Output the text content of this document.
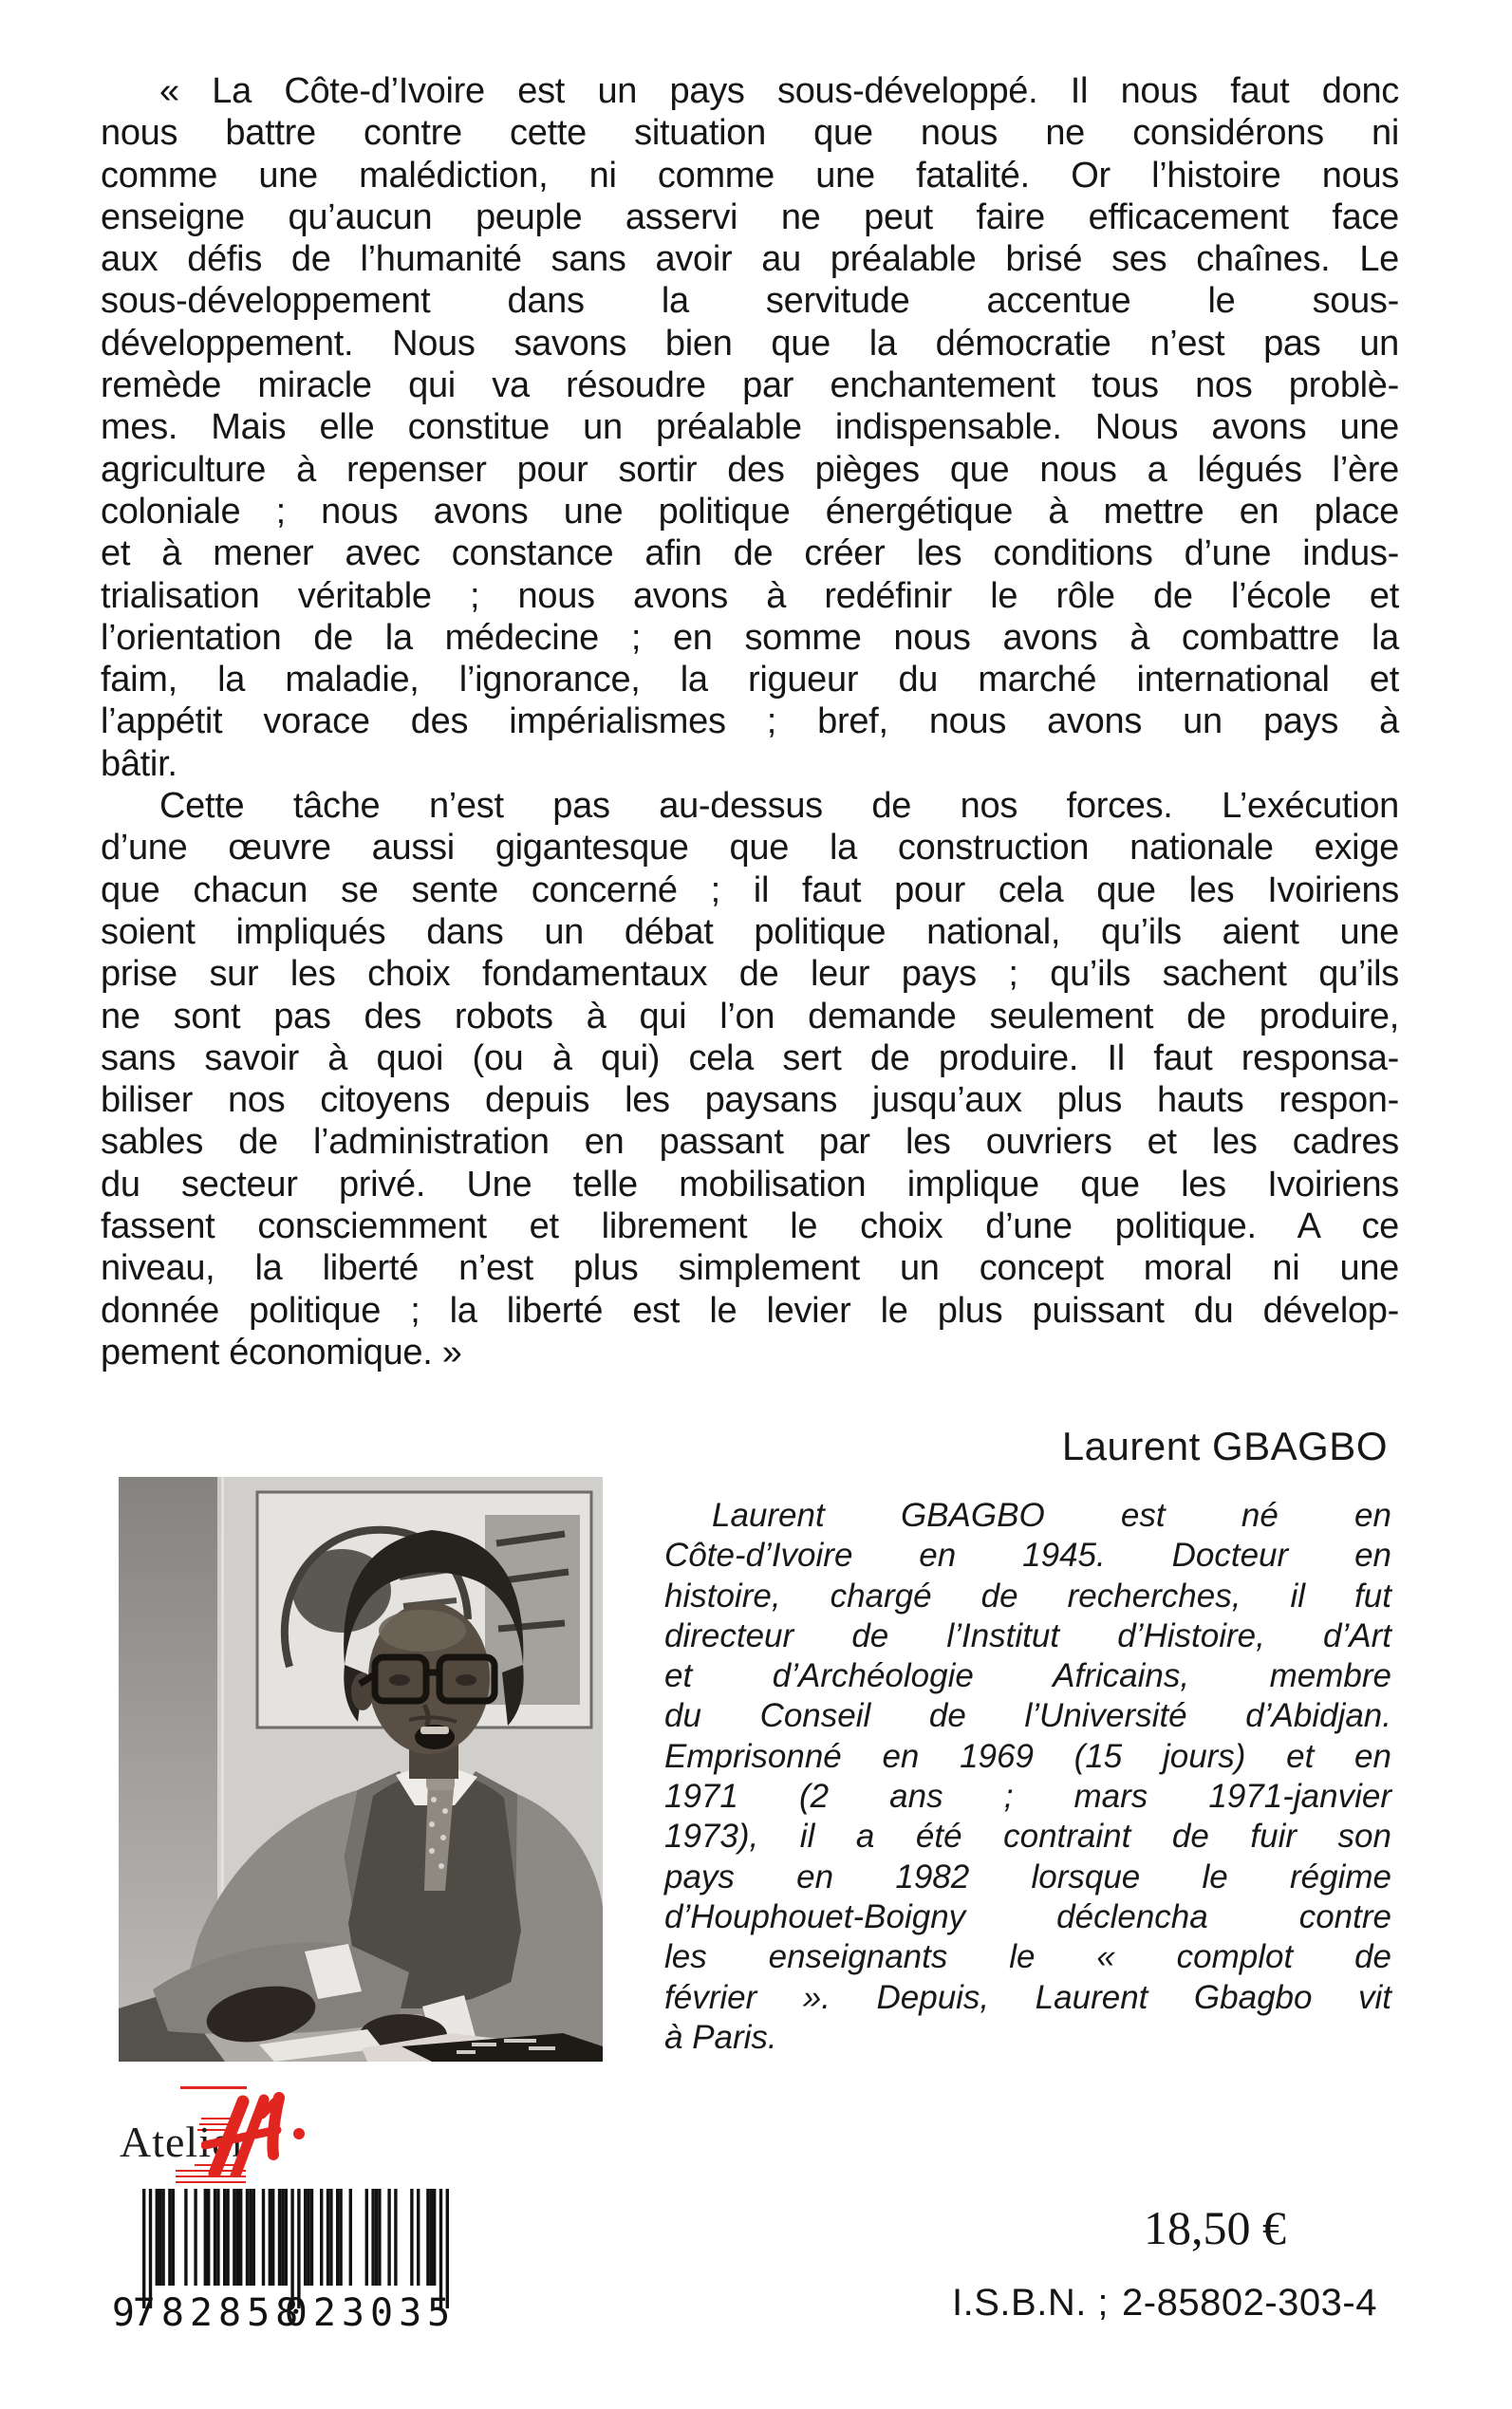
« La Côte-d’Ivoire est un pays sous-développé. Il nous faut donc
nous battre contre cette situation que nous ne considérons ni
comme une malédiction, ni comme une fatalité. Or l’histoire nous
enseigne qu’aucun peuple asservi ne peut faire efficacement face
aux défis de l’humanité sans avoir au préalable brisé ses chaînes. Le
sous-développement dans la servitude accentue le sous-
développement. Nous savons bien que la démocratie n’est pas un
remède miracle qui va résoudre par enchantement tous nos problè-
mes. Mais elle constitue un préalable indispensable. Nous avons une
agriculture à repenser pour sortir des pièges que nous a légués l’ère
coloniale ; nous avons une politique énergétique à mettre en place
et à mener avec constance afin de créer les conditions d’une indus-
trialisation véritable ; nous avons à redéfinir le rôle de l’école et
l’orientation de la médecine ; en somme nous avons à combattre la
faim, la maladie, l’ignorance, la rigueur du marché international et
l’appétit vorace des impérialismes ; bref, nous avons un pays à
bâtir.
Cette tâche n’est pas au-dessus de nos forces. L’exécution
d’une œuvre aussi gigantesque que la construction nationale exige
que chacun se sente concerné ; il faut pour cela que les Ivoiriens
soient impliqués dans un débat politique national, qu’ils aient une
prise sur les choix fondamentaux de leur pays ; qu’ils sachent qu’ils
ne sont pas des robots à qui l’on demande seulement de produire,
sans savoir à quoi (ou à qui) cela sert de produire. Il faut responsa-
biliser nos citoyens depuis les paysans jusqu’aux plus hauts respon-
sables de l’administration en passant par les ouvriers et les cadres
du secteur privé. Une telle mobilisation implique que les Ivoiriens
fassent consciemment et librement le choix d’une politique. A ce
niveau, la liberté n’est plus simplement un concept moral ni une
donnée politique ; la liberté est le levier le plus puissant du dévelop-
pement économique. »
Laurent GBAGBO
Laurent GBAGBO est né en
Côte-d’Ivoire en 1945. Docteur en
histoire, chargé de recherches, il fut
directeur de l’Institut d’Histoire, d’Art
et d’Archéologie Africains, membre
du Conseil de l’Université d’Abidjan.
Emprisonné en 1969 (15 jours) et en
1971 (2 ans ; mars 1971-janvier
1973), il a été contraint de fuir son
pays en 1982 lorsque le régime
d’Houphouet-Boigny déclencha contre
les enseignants le « complot de
février ». Depuis, Laurent Gbagbo vit
à Paris.
Atelier
9
782858
023035
18,50 €
I.S.B.N. ; 2-85802-303-4
